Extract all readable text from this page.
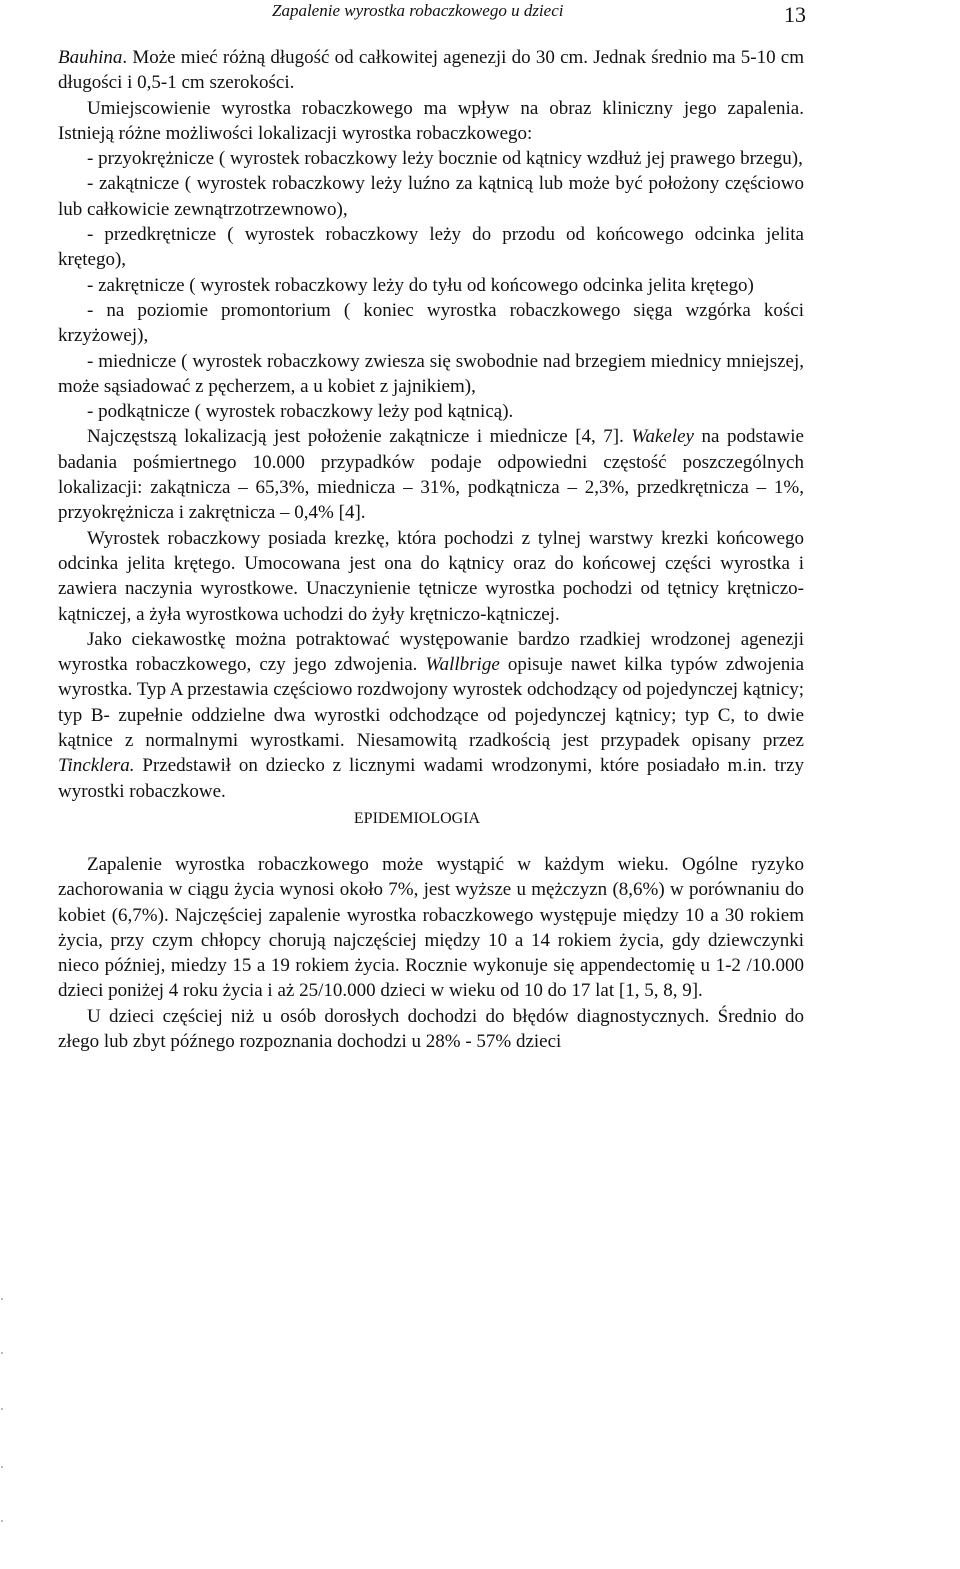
Zapalenie wyrostka robaczkowego u dzieci	13

Bauhina. Może mieć różną długość od całkowitej agenezji do 30 cm. Jednak średnio ma 5-10 cm długości i 0,5-1 cm szerokości.

Umiejscowienie wyrostka robaczkowego ma wpływ na obraz kliniczny jego zapalenia. Istnieją różne możliwości lokalizacji wyrostka robaczkowego:

- przyokrężnicze ( wyrostek robaczkowy leży bocznie od kątnicy wzdłuż jej prawego brzegu),

- zakątnicze ( wyrostek robaczkowy leży luźno za kątnicą lub może być położony częściowo lub całkowicie zewnątrzotrzewnowo),

- przedkrętnicze ( wyrostek robaczkowy leży do przodu od końcowego odcinka jelita krętego),

- zakrętnicze ( wyrostek robaczkowy leży do tyłu od końcowego odcinka jelita krętego)

- na poziomie promontorium ( koniec wyrostka robaczkowego sięga wzgórka kości krzyżowej),

- miednicze ( wyrostek robaczkowy zwiesza się swobodnie nad brzegiem miednicy mniejszej, może sąsiadować z pęcherzem, a u kobiet z jajnikiem),

- podkątnicze ( wyrostek robaczkowy leży pod kątnicą).

Najczęstszą lokalizacją jest położenie zakątnicze i miednicze [4, 7]. Wakeley na podstawie badania pośmiertnego 10.000 przypadków podaje odpowiedni częstość poszczególnych lokalizacji: zakątnicza – 65,3%, miednicza – 31%, podkątnicza – 2,3%, przedkrętnicza – 1%, przyokrężnicza i zakrętnicza – 0,4% [4].

Wyrostek robaczkowy posiada krezkę, która pochodzi z tylnej warstwy krezki końcowego odcinka jelita krętego. Umocowana jest ona do kątnicy oraz do końcowej części wyrostka i zawiera naczynia wyrostkowe. Unaczynienie tętnicze wyrostka pochodzi od tętnicy krętniczo-kątniczej, a żyła wyrostkowa uchodzi do żyły krętniczo-kątniczej.

Jako ciekawostkę można potraktować występowanie bardzo rzadkiej wrodzonej agenezji wyrostka robaczkowego, czy jego zdwojenia. Wallbrige opisuje nawet kilka typów zdwojenia wyrostka. Typ A przestawia częściowo rozdwojony wyrostek odchodzący od pojedynczej kątnicy; typ B- zupełnie oddzielne dwa wyrostki odchodzące od pojedynczej kątnicy; typ C, to dwie kątnice z normalnymi wyrostkami. Niesamowitą rzadkością jest przypadek opisany przez Tincklera. Przedstawił on dziecko z licznymi wadami wrodzonymi, które posiadało m.in. trzy wyrostki robaczkowe.

EPIDEMIOLOGIA

Zapalenie wyrostka robaczkowego może wystąpić w każdym wieku. Ogólne ryzyko zachorowania w ciągu życia wynosi około 7%, jest wyższe u mężczyzn (8,6%) w porównaniu do kobiet (6,7%). Najczęściej zapalenie wyrostka robaczkowego występuje między 10 a 30 rokiem życia, przy czym chłopcy chorują najczęściej między 10 a 14 rokiem życia, gdy dziewczynki nieco później, miedzy 15 a 19 rokiem życia. Rocznie wykonuje się appendectomię u 1-2 /10.000 dzieci poniżej 4 roku życia i aż 25/10.000 dzieci w wieku od 10 do 17 lat [1, 5, 8, 9].

U dzieci częściej niż u osób dorosłych dochodzi do błędów diagnostycznych. Średnio do złego lub zbyt późnego rozpoznania dochodzi u 28% - 57% dzieci
